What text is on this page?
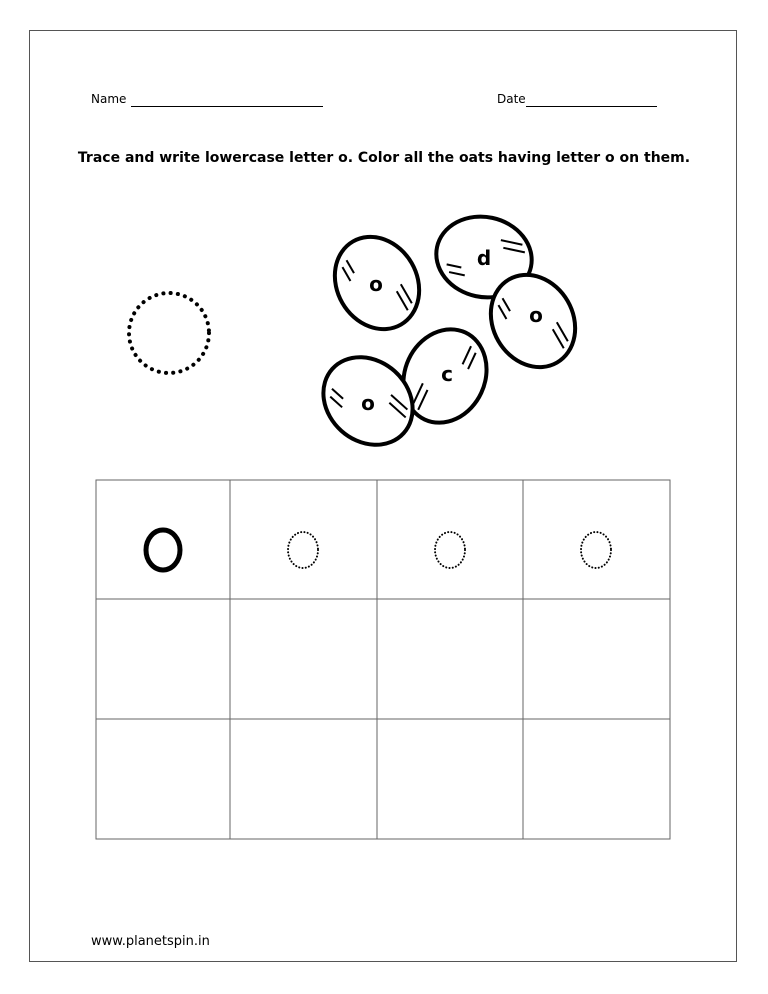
Name	Date
Trace and write lowercase letter o. Color all the oats having letter o on them.
o
d
o
c
o
www.planetspin.in
